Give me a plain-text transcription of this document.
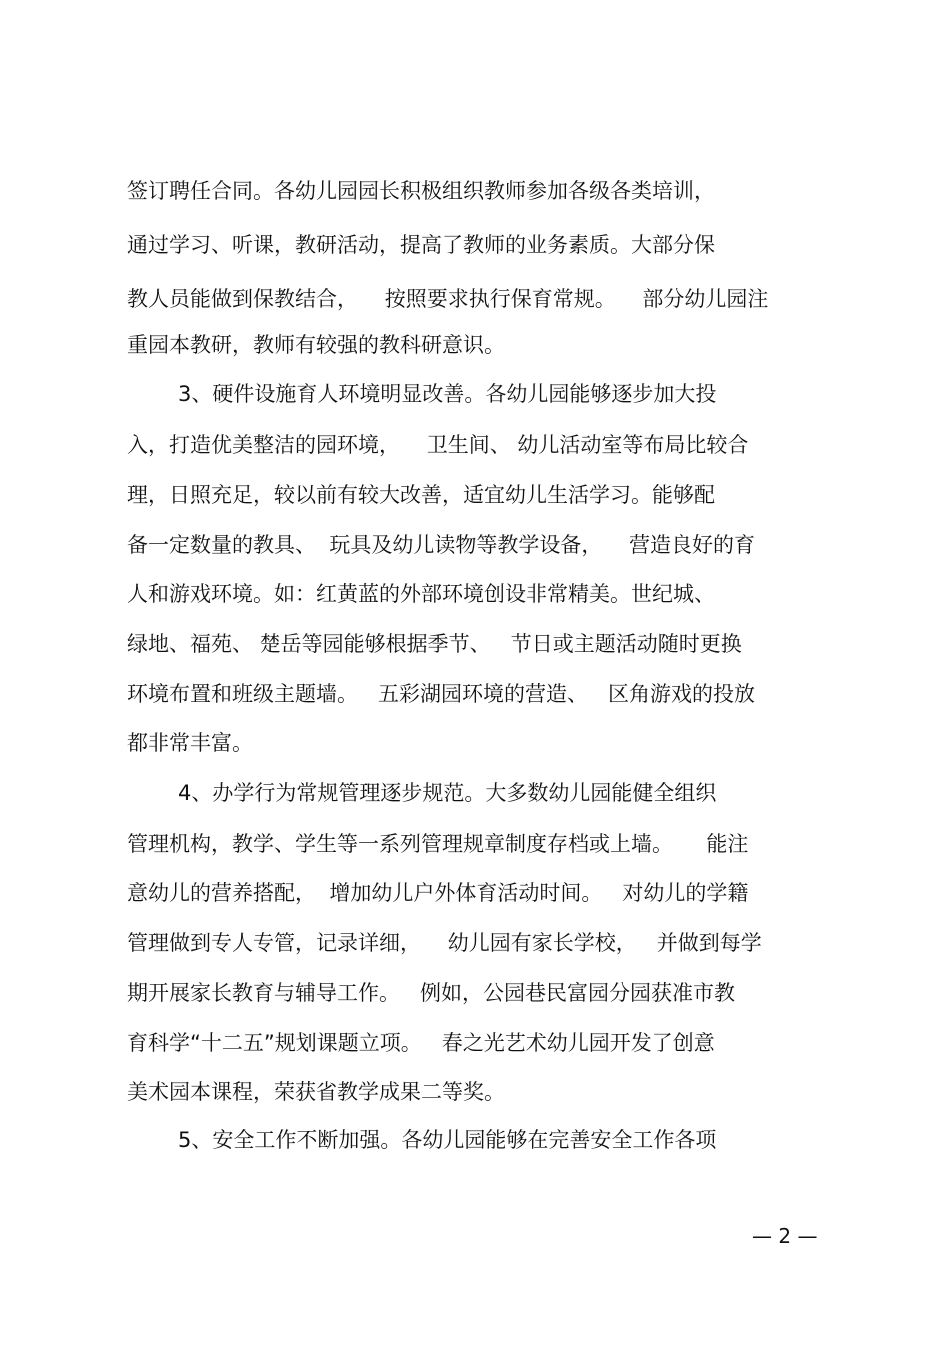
签订聘任合同。各幼儿园园长积极组织教师参加各级各类培训，
通过学习、听课，教研活动，提高了教师的业务素质。大部分保
教人员能做到保教结合，    按照要求执行保育常规。    部分幼儿园注
重园本教研，教师有较强的教科研意识。
3、硬件设施育人环境明显改善。各幼儿园能够逐步加大投
入，打造优美整洁的园环境，    卫生间、 幼儿活动室等布局比较合
理，日照充足，较以前有较大改善，适宜幼儿生活学习。能够配
备一定数量的教具、  玩具及幼儿读物等教学设备，    营造良好的育
人和游戏环境。如：红黄蓝的外部环境创设非常精美。世纪城、
绿地、福苑、 楚岳等园能够根据季节、   节日或主题活动随时更换
环境布置和班级主题墙。   五彩湖园环境的营造、   区角游戏的投放
都非常丰富。
4、办学行为常规管理逐步规范。大多数幼儿园能健全组织
管理机构，教学、学生等一系列管理规章制度存档或上墙。     能注
意幼儿的营养搭配，  增加幼儿户外体育活动时间。   对幼儿的学籍
管理做到专人专管，记录详细，    幼儿园有家长学校，   并做到每学
期开展家长教育与辅导工作。   例如，公园巷民富园分园获准市教
育科学“十二五”规划课题立项。   春之光艺术幼儿园开发了创意
美术园本课程，荣获省教学成果二等奖。
5、安全工作不断加强。各幼儿园能够在完善安全工作各项
— 2 —
